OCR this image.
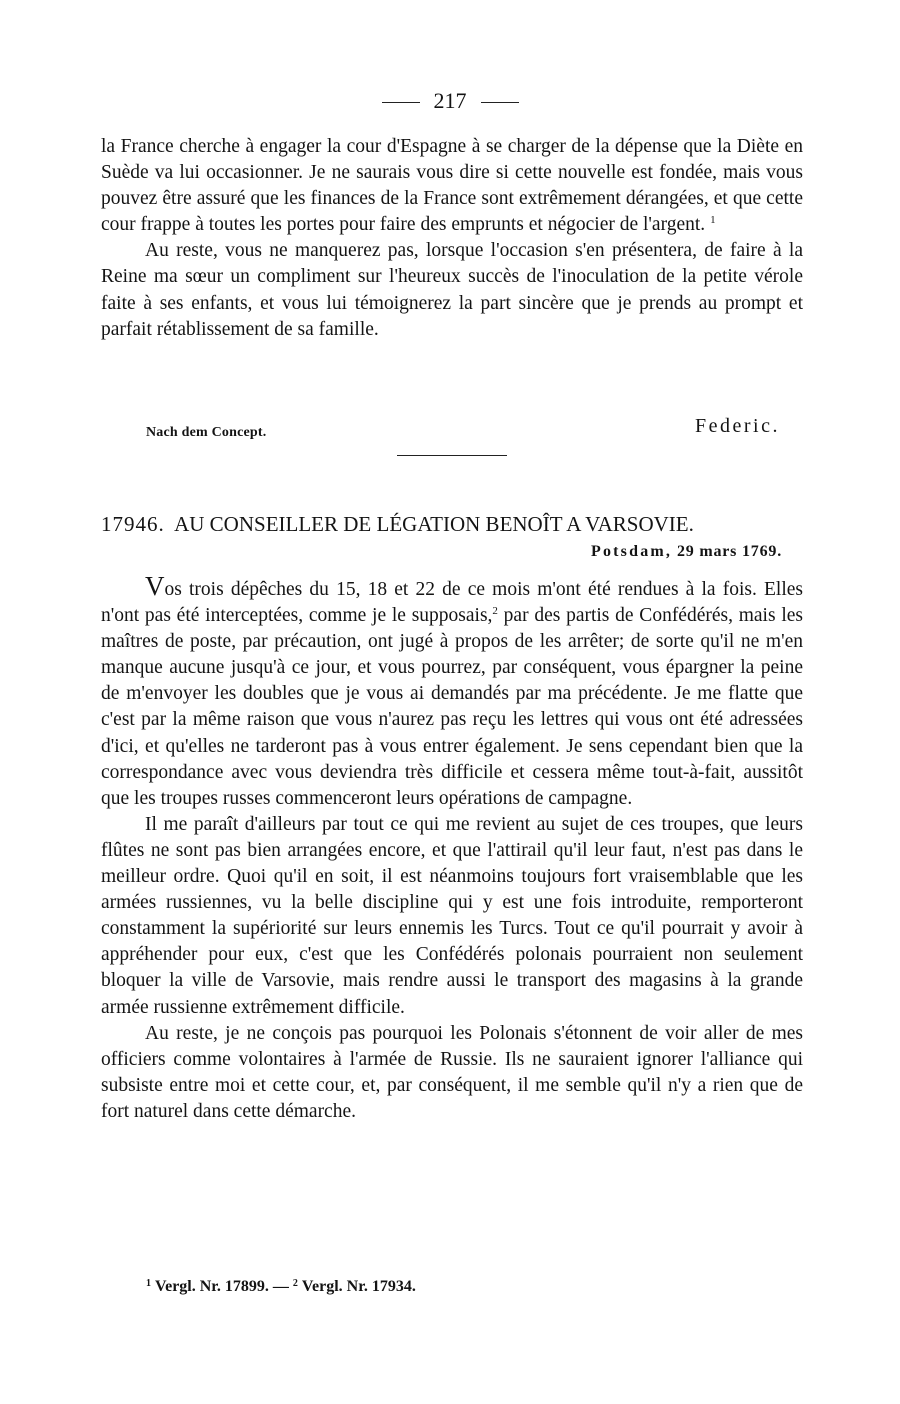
217

la France cherche à engager la cour d'Espagne à se charger de la dépense que la Diète en Suède va lui occasionner. Je ne saurais vous dire si cette nouvelle est fondée, mais vous pouvez être assuré que les finances de la France sont extrêmement dérangées, et que cette cour frappe à toutes les portes pour faire des emprunts et négocier de l'argent. $^1$

Au reste, vous ne manquerez pas, lorsque l'occasion s'en présentera, de faire à la Reine ma sœur un compliment sur l'heureux succès de l'inoculation de la petite vérole faite à ses enfants, et vous lui témoignerez la part sincère que je prends au prompt et parfait rétablissement de sa famille.

Nach dem Concept.	Federic.
17946. AU CONSEILLER DE LÉGATION BENOÎT A VARSOVIE.
Potsdam, 29 mars 1769.

Vos trois dépêches du 15, 18 et 22 de ce mois m'ont été rendues à la fois. Elles n'ont pas été interceptées, comme je le supposais,$^2$ par des partis de Confédérés, mais les maîtres de poste, par précaution, ont jugé à propos de les arrêter; de sorte qu'il ne m'en manque aucune jusqu'à ce jour, et vous pourrez, par conséquent, vous épargner la peine de m'envoyer les doubles que je vous ai demandés par ma précédente. Je me flatte que c'est par la même raison que vous n'aurez pas reçu les lettres qui vous ont été adressées d'ici, et qu'elles ne tarderont pas à vous entrer également. Je sens cependant bien que la correspondance avec vous deviendra très difficile et cessera même tout-à-fait, aussitôt que les troupes russes commenceront leurs opérations de campagne.

Il me paraît d'ailleurs par tout ce qui me revient au sujet de ces troupes, que leurs flûtes ne sont pas bien arrangées encore, et que l'attirail qu'il leur faut, n'est pas dans le meilleur ordre. Quoi qu'il en soit, il est néanmoins toujours fort vraisemblable que les armées russiennes, vu la belle discipline qui y est une fois introduite, remporteront constamment la supériorité sur leurs ennemis les Turcs. Tout ce qu'il pourrait y avoir à appréhender pour eux, c'est que les Confédérés polonais pourraient non seulement bloquer la ville de Varsovie, mais rendre aussi le transport des magasins à la grande armée russienne extrêmement difficile.

Au reste, je ne conçois pas pourquoi les Polonais s'étonnent de voir aller de mes officiers comme volontaires à l'armée de Russie. Ils ne sauraient ignorer l'alliance qui subsiste entre moi et cette cour, et, par conséquent, il me semble qu'il n'y a rien que de fort naturel dans cette démarche.

$^1$ Vergl. Nr. 17899. — $^2$ Vergl. Nr. 17934.
